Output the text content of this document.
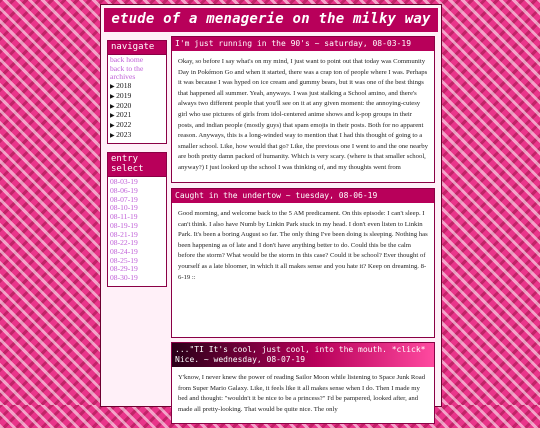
etude of a menagerie on the milky way
navigate
back home
back to the archives
▶ 2018
▶ 2019
▶ 2020
▶ 2021
▶ 2022
▶ 2023
entry select
08-03-19
08-06-19
08-07-19
08-10-19
08-11-19
08-19-19
08-21-19
08-22-19
08-24-19
08-25-19
08-29-19
08-30-19
I'm just running in the 90's ~ saturday, 08-03-19
Okay, so before I say what's on my mind, I just want to point out that today was Community Day in Pokémon Go and when it started, there was a crap ton of people where I was. Perhaps it was because I was hyped on ice cream and gummy bears, but it was one of the best things that happened all summer. Yeah, anyways. I was just stalking a School amino, and there's always two different people that you'll see on it at any given moment: the annoying-cutesy girl who use pictures of girls from idol-centered anime shows and k-pop groups in their posts, and indian people (mostly guys) that spam emojis in their posts. Both for no apparent reason. Anyways, this is a long-winded way to mention that I had this thought of going to a smaller school. Like, how would that go? Like, the previous one I went to and the one nearby are both pretty damn packed of humanity. Which is very scary. (where is that smaller school, anyway?) I just looked up the school I was thinking of, and my thoughts went from
Caught in the undertow ~ tuesday, 08-06-19
Good morning, and welcome back to the 5 AM predicament. On this episode: I can't sleep. I can't think. I also have Numb by Linkin Park stuck in my head. I don't even listen to Linkin Park. It's been a boring August so far. The only thing I've been doing is sleeping. Nothing has been happening as of late and I don't have anything better to do. Could this be the calm before the storm? What would be the storm in this case? Could it be school? Ever thought of yourself as a late bloomer, in which it all makes sense and you hate it? Keep on dreaming. 8-6-19 ::
..."TI It's cool, just cool, into the mouth. *click* Nice. ~ wednesday, 08-07-19
Y'know, I never knew the power of reading Sailor Moon while listening to Space Junk Road from Super Mario Galaxy. Like, it feels like it all makes sense when I do. Then I made my bed and thought: "wouldn't it be nice to be a princess?" I'd be pampered, looked after, and made all pretty-looking. That would be quite nice. The only
